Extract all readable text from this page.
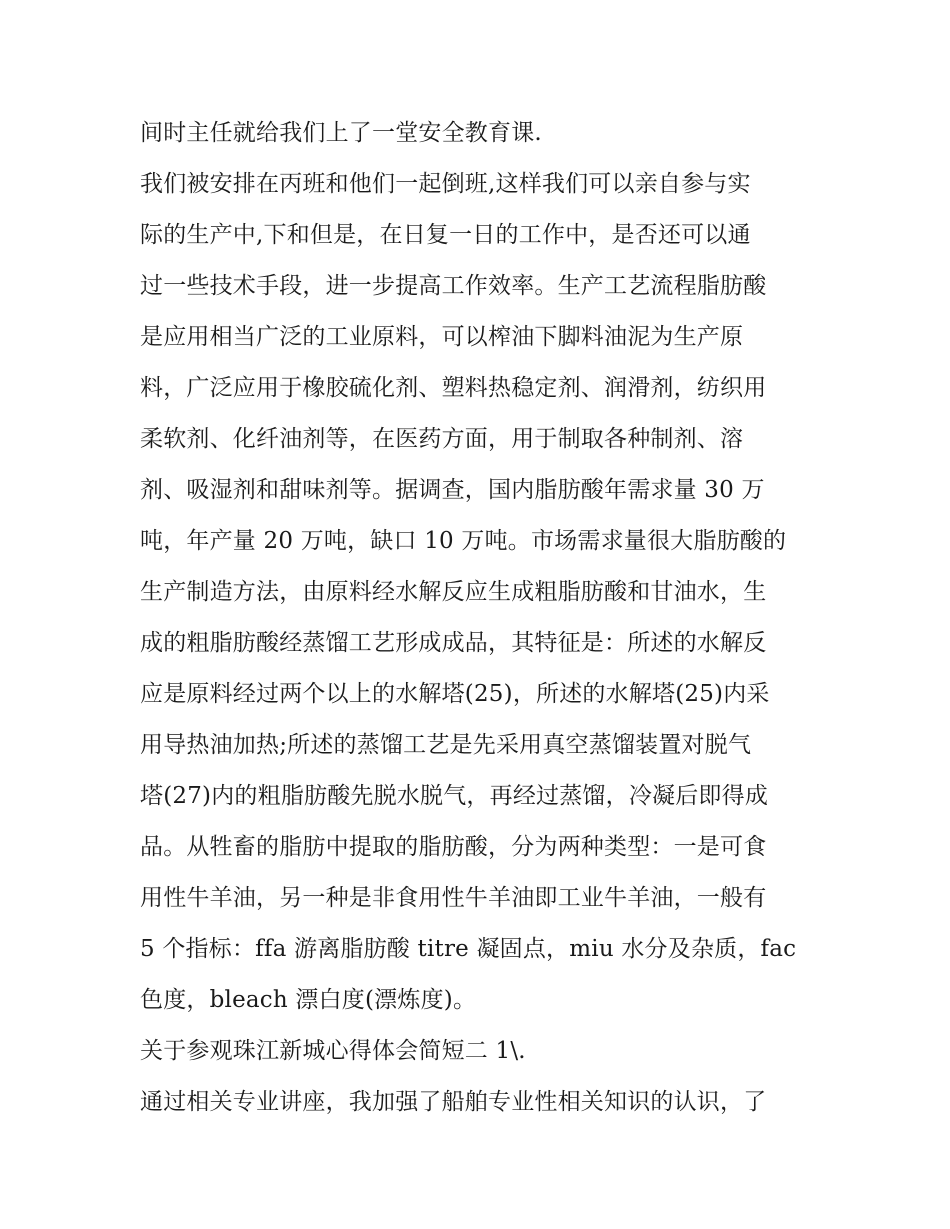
间时主任就给我们上了一堂安全教育课.
我们被安排在丙班和他们一起倒班,这样我们可以亲自参与实
际的生产中,下和但是，在日复一日的工作中，是否还可以通
过一些技术手段，进一步提高工作效率。生产工艺流程脂肪酸
是应用相当广泛的工业原料，可以榨油下脚料油泥为生产原
料，广泛应用于橡胶硫化剂、塑料热稳定剂、润滑剂，纺织用
柔软剂、化纤油剂等，在医药方面，用于制取各种制剂、溶
剂、吸湿剂和甜味剂等。据调查，国内脂肪酸年需求量 30 万
吨，年产量 20 万吨，缺口 10 万吨。市场需求量很大脂肪酸的
生产制造方法，由原料经水解反应生成粗脂肪酸和甘油水，生
成的粗脂肪酸经蒸馏工艺形成成品，其特征是：所述的水解反
应是原料经过两个以上的水解塔(25)，所述的水解塔(25)内采
用导热油加热;所述的蒸馏工艺是先采用真空蒸馏装置对脱气
塔(27)内的粗脂肪酸先脱水脱气，再经过蒸馏，冷凝后即得成
品。从牲畜的脂肪中提取的脂肪酸，分为两种类型：一是可食
用性牛羊油，另一种是非食用性牛羊油即工业牛羊油，一般有
5 个指标：ffa 游离脂肪酸 titre 凝固点，miu 水分及杂质，fac
色度，bleach 漂白度(漂炼度)。
关于参观珠江新城心得体会简短二 1\.
通过相关专业讲座，我加强了船舶专业性相关知识的认识，了
